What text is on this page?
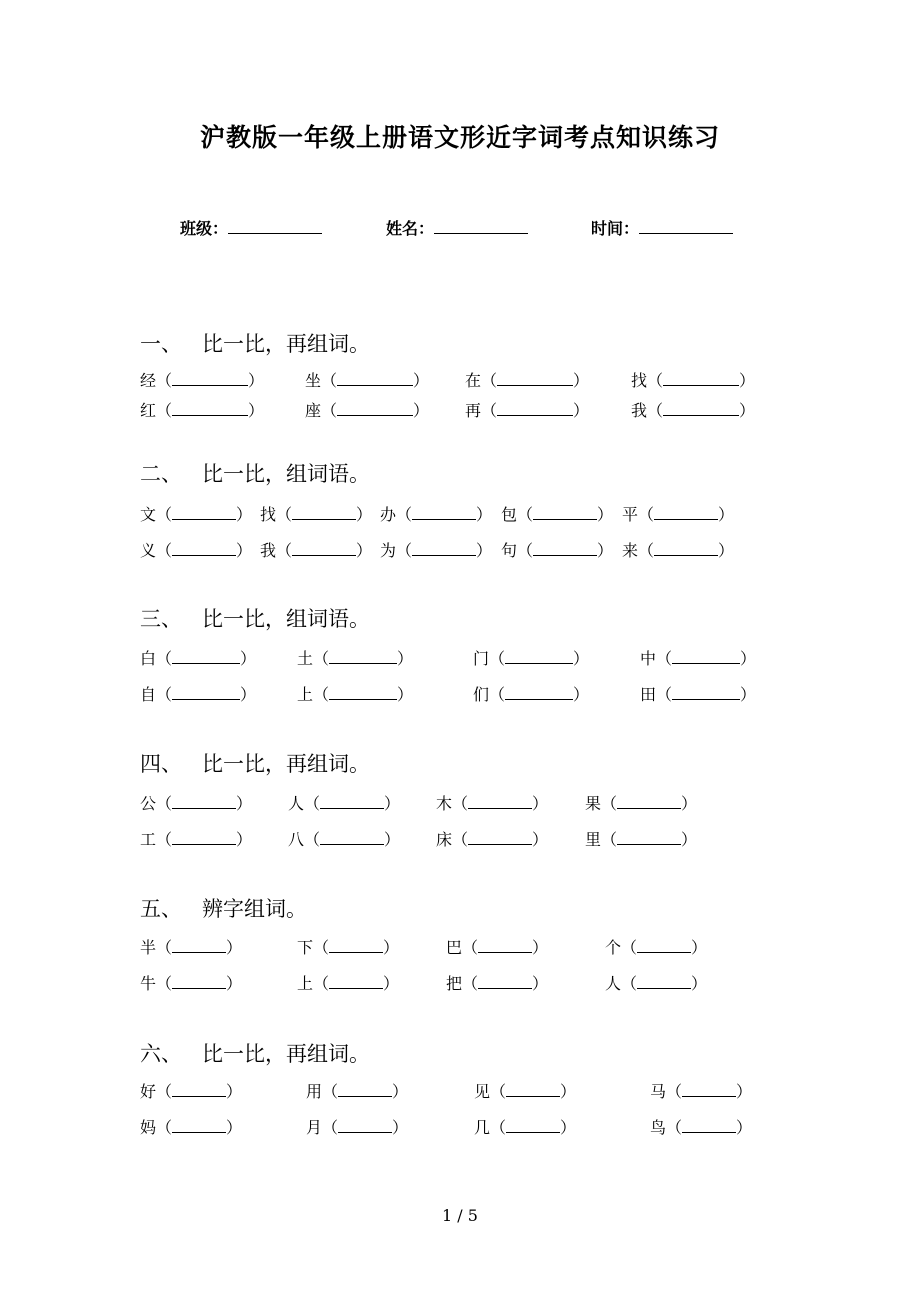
沪教版一年级上册语文形近字词考点知识练习
班级：	姓名：	时间：
一、 比一比，再组词。
经（	）	坐（	） 在（	）	找（	）
红（	）	座（	） 再（	）	我（	）
二、 比一比，组词语。
文（	） 找（	） 办（	） 包（	） 平（	）
义（	） 我（	） 为（	） 句（	） 来（	）
三、 比一比，组词语。
白（	）	土（	）	门（	）	中（	）
自（	）	上（	）	们（	）	田（	）
四、 比一比，再组词。
公（	） 人（	） 木（	） 果（	）
工（	） 八（	） 床（	） 里（	）
五、 辨字组词。
半（	）	下（	）	巴（	）	个（	）
牛（	）	上（	）	把（	）	人（	）
六、 比一比，再组词。
好（	）	用（	）	见（	）	马（	）
妈（	）	月（	）	几（	）	鸟（	）
1 / 5
